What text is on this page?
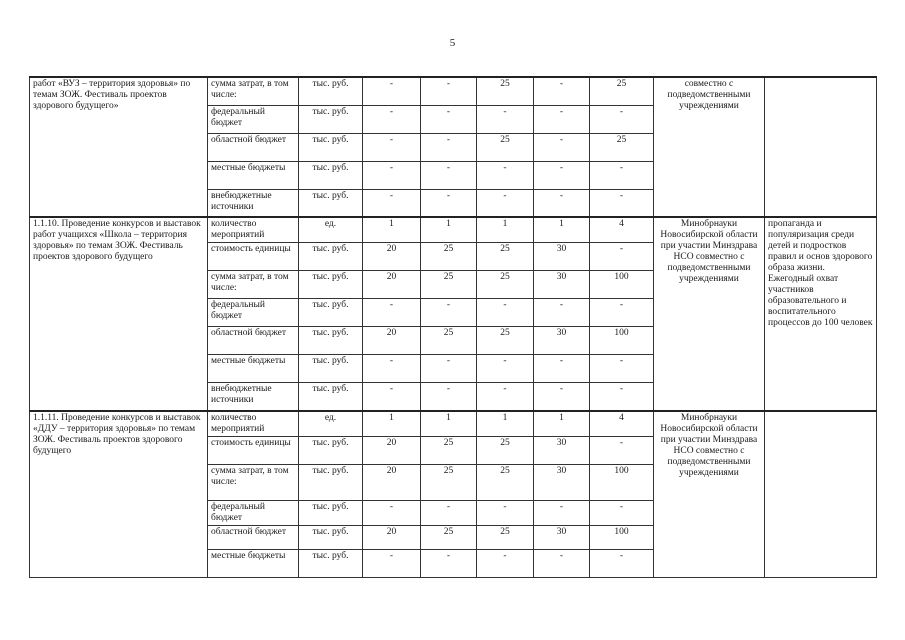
5
работ «ВУЗ – территория здоровья» по темам ЗОЖ. Фестиваль проектов здорового будущего»	сумма затрат, в том числе:	тыс. руб.	-	-	25	-	25	совместно с подведомственными учреждениями	
	федеральный бюджет	тыс. руб.	-	-	-	-	-		
	областной бюджет	тыс. руб.	-	-	25	-	25		
	местные бюджеты	тыс. руб.	-	-	-	-	-		
	внебюджетные источники	тыс. руб.	-	-	-	-	-		
1.1.10. Проведение конкурсов и выставок работ учащихся «Школа – территория здоровья» по темам ЗОЖ. Фестиваль проектов здорового будущего	количество мероприятий	ед.	1	1	1	1	4	Минобрнауки Новосибирской области при участии Минздрава НСО совместно с подведомственными учреждениями	пропаганда и популяризация среди детей и подростков правил и основ здорового образа жизни. Ежегодный охват участников образовательного и воспитательного процессов до 100 человек
	стоимость единицы	тыс. руб.	20	25	25	30	-		
	сумма затрат, в том числе:	тыс. руб.	20	25	25	30	100		
	федеральный бюджет	тыс. руб.	-	-	-	-	-		
	областной бюджет	тыс. руб.	20	25	25	30	100		
	местные бюджеты	тыс. руб.	-	-	-	-	-		
	внебюджетные источники	тыс. руб.	-	-	-	-	-		
1.1.11. Проведение конкурсов и выставок «ДДУ – территория здоровья» по темам ЗОЖ. Фестиваль проектов здорового будущего	количество мероприятий	ед.	1	1	1	1	4	Минобрнауки Новосибирской области при участии Минздрава НСО совместно с подведомственными учреждениями	
	стоимость единицы	тыс. руб.	20	25	25	30	-		
	сумма затрат, в том числе:	тыс. руб.	20	25	25	30	100		
	федеральный бюджет	тыс. руб.	-	-	-	-	-		
	областной бюджет	тыс. руб.	20	25	25	30	100		
	местные бюджеты	тыс. руб.	-	-	-	-	-		
